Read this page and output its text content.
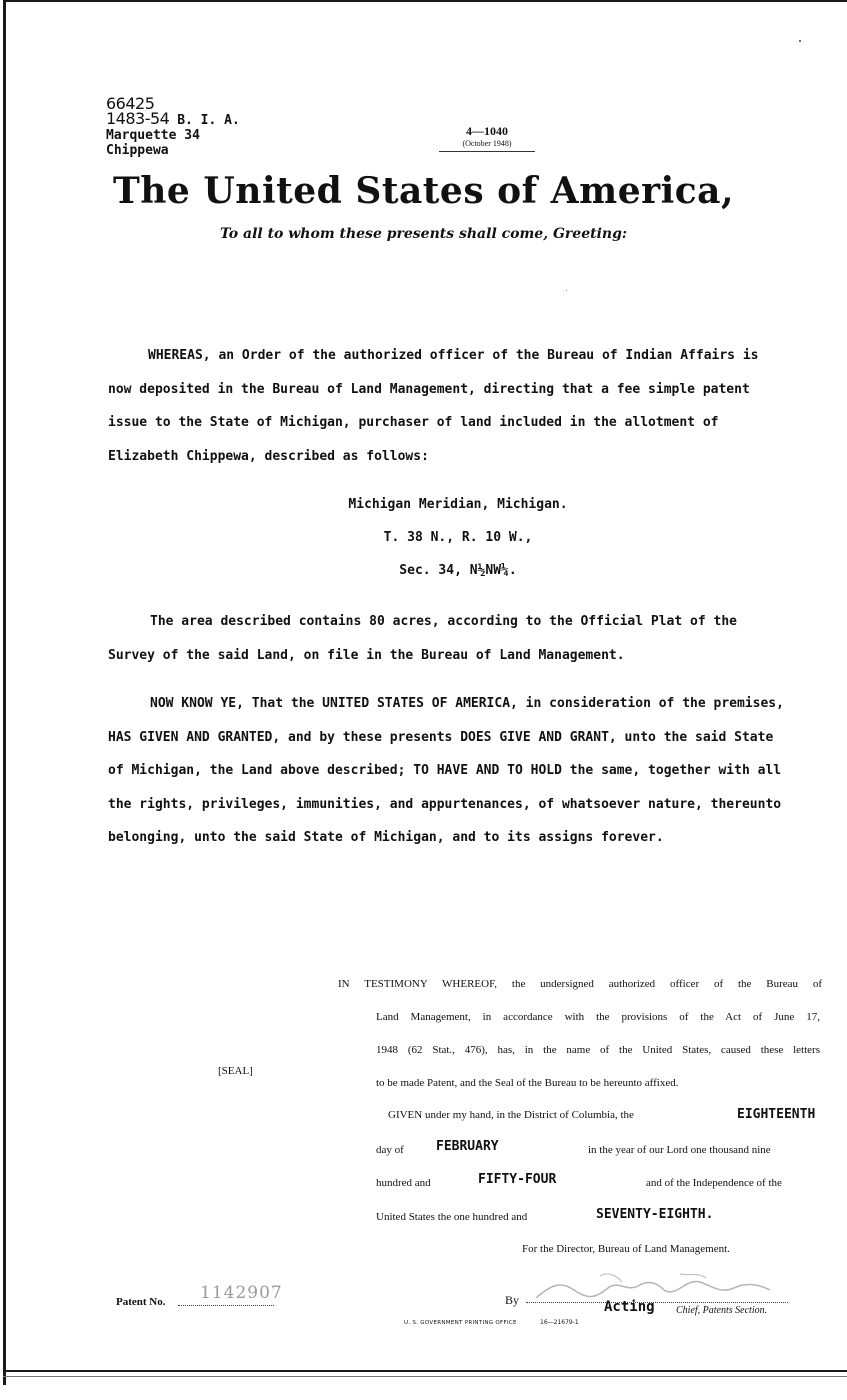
66425
1483-54 B. I. A.
Marquette 34
Chippewa
4—1040
(October 1948)
The United States of America,
To all to whom these presents shall come, Greeting:
WHEREAS, an Order of the authorized officer of the Bureau of Indian Affairs is now deposited in the Bureau of Land Management, directing that a fee simple patent issue to the State of Michigan, purchaser of land included in the allotment of Elizabeth Chippewa, described as follows:
Michigan Meridian, Michigan.
T. 38 N., R. 10 W.,
Sec. 34, N½NW¼.
The area described contains 80 acres, according to the Official Plat of the Survey of the said Land, on file in the Bureau of Land Management.
NOW KNOW YE, That the UNITED STATES OF AMERICA, in consideration of the premises, HAS GIVEN AND GRANTED, and by these presents DOES GIVE AND GRANT, unto the said State of Michigan, the Land above described; TO HAVE AND TO HOLD the same, together with all the rights, privileges, immunities, and appurtenances, of whatsoever nature, thereunto belonging, unto the said State of Michigan, and to its assigns forever.
IN TESTIMONY WHEREOF, the undersigned authorized officer of the Bureau of
Land Management, in accordance with the provisions of the Act of June 17,
1948 (62 Stat., 476), has, in the name of the United States, caused these letters
to be made Patent, and the Seal of the Bureau to be hereunto affixed.
[SEAL]
GIVEN under my hand, in the District of Columbia, the	EIGHTEENTH
day of FEBRUARY	in the year of our Lord one thousand nine
hundred and	FIFTY-FOUR	and of the Independence of the
United States the one hundred and	SEVENTY-EIGHTH.
For the Director, Bureau of Land Management.
By	Acting Chief, Patents Section.
Patent No. 1142907
U. S. GOVERNMENT PRINTING OFFICE	16—21679-1
